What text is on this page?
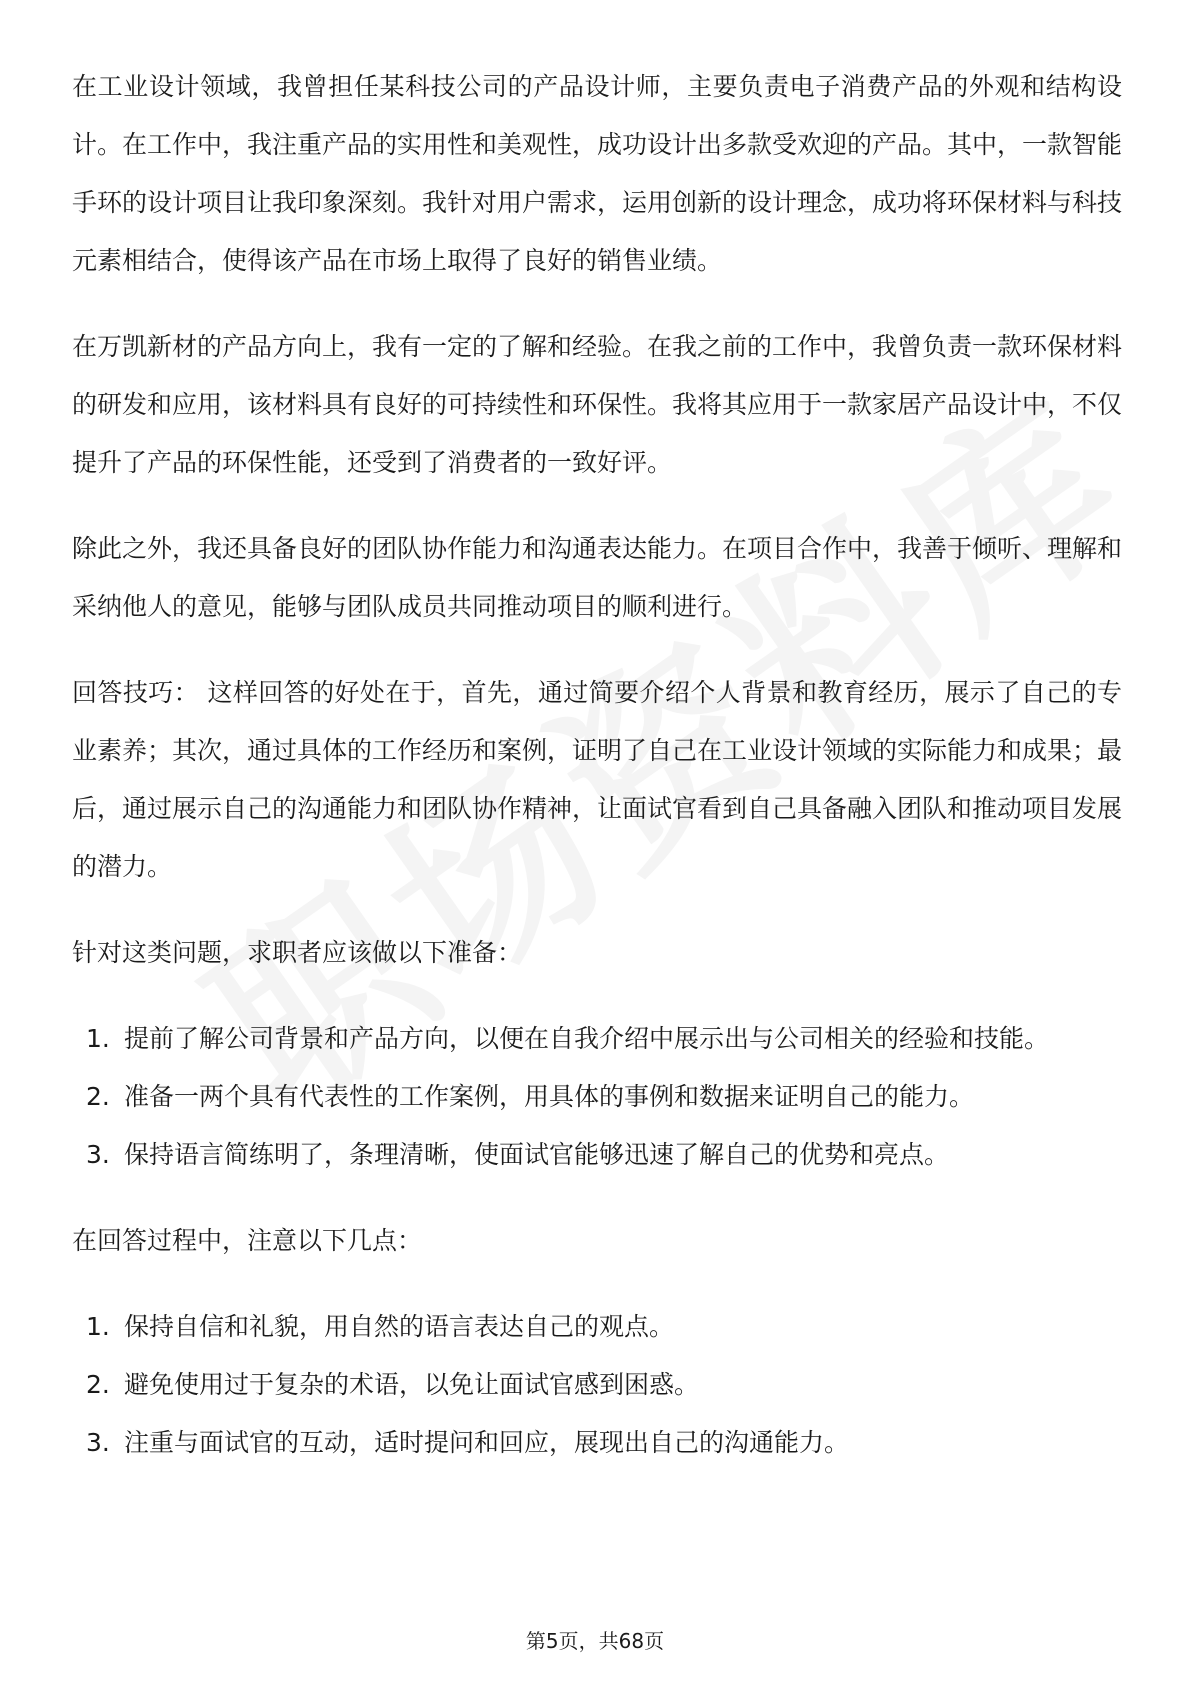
在工业设计领域，我曾担任某科技公司的产品设计师，主要负责电子消费产品的外观和结构设计。在工作中，我注重产品的实用性和美观性，成功设计出多款受欢迎的产品。其中，一款智能手环的设计项目让我印象深刻。我针对用户需求，运用创新的设计理念，成功将环保材料与科技元素相结合，使得该产品在市场上取得了良好的销售业绩。

在万凯新材的产品方向上，我有一定的了解和经验。在我之前的工作中，我曾负责一款环保材料的研发和应用，该材料具有良好的可持续性和环保性。我将其应用于一款家居产品设计中，不仅提升了产品的环保性能，还受到了消费者的一致好评。

除此之外，我还具备良好的团队协作能力和沟通表达能力。在项目合作中，我善于倾听、理解和采纳他人的意见，能够与团队成员共同推动项目的顺利进行。

回答技巧： 这样回答的好处在于，首先，通过简要介绍个人背景和教育经历，展示了自己的专业素养；其次，通过具体的工作经历和案例，证明了自己在工业设计领域的实际能力和成果；最后，通过展示自己的沟通能力和团队协作精神，让面试官看到自己具备融入团队和推动项目发展的潜力。

针对这类问题，求职者应该做以下准备：

1. 提前了解公司背景和产品方向，以便在自我介绍中展示出与公司相关的经验和技能。
2. 准备一两个具有代表性的工作案例，用具体的事例和数据来证明自己的能力。
3. 保持语言简练明了，条理清晰，使面试官能够迅速了解自己的优势和亮点。

在回答过程中，注意以下几点：

1. 保持自信和礼貌，用自然的语言表达自己的观点。
2. 避免使用过于复杂的术语，以免让面试官感到困惑。
3. 注重与面试官的互动，适时提问和回应，展现出自己的沟通能力。
第5页，共68页
